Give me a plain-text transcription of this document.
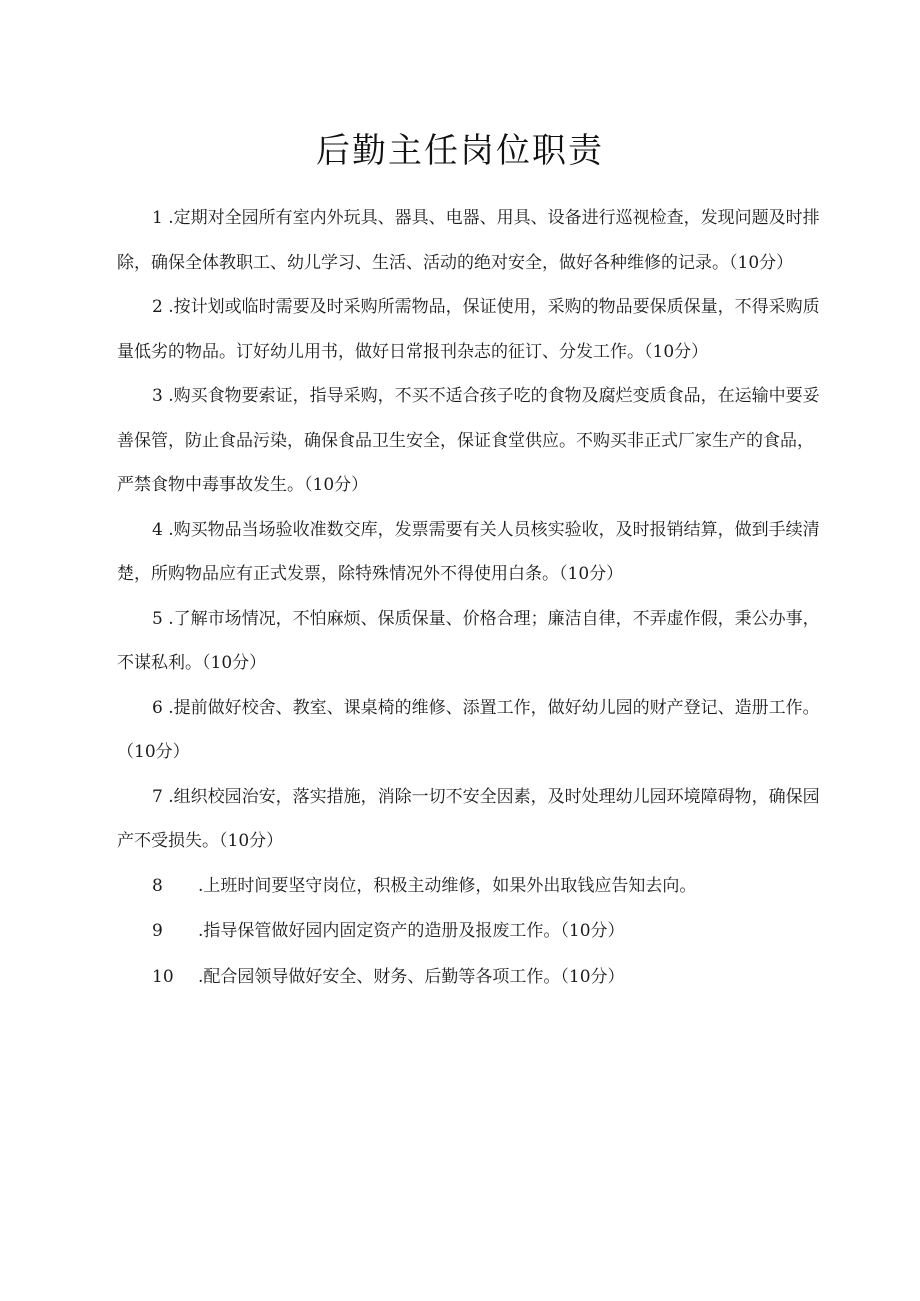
后勤主任岗位职责

1 .定期对全园所有室内外玩具、器具、电器、用具、设备进行巡视检查，发现问题及时排除，确保全体教职工、幼儿学习、生活、活动的绝对安全，做好各种维修的记录。（10分）

2 .按计划或临时需要及时采购所需物品，保证使用，采购的物品要保质保量，不得采购质量低劣的物品。订好幼儿用书，做好日常报刊杂志的征订、分发工作。（10分）

3 .购买食物要索证，指导采购，不买不适合孩子吃的食物及腐烂变质食品，在运输中要妥善保管，防止食品污染，确保食品卫生安全，保证食堂供应。不购买非正式厂家生产的食品，严禁食物中毒事故发生。（10分）

4 .购买物品当场验收准数交库，发票需要有关人员核实验收，及时报销结算，做到手续清楚，所购物品应有正式发票，除特殊情况外不得使用白条。（10分）

5 .了解市场情况，不怕麻烦、保质保量、价格合理；廉洁自律，不弄虚作假，秉公办事，不谋私利。（10分）

6 .提前做好校舍、教室、课桌椅的维修、添置工作，做好幼儿园的财产登记、造册工作。（10分）

7 .组织校园治安，落实措施，消除一切不安全因素，及时处理幼儿园环境障碍物，确保园产不受损失。（10分）

8 .上班时间要坚守岗位，积极主动维修，如果外出取钱应告知去向。

9 .指导保管做好园内固定资产的造册及报废工作。（10分）

10 .配合园领导做好安全、财务、后勤等各项工作。（10分）
